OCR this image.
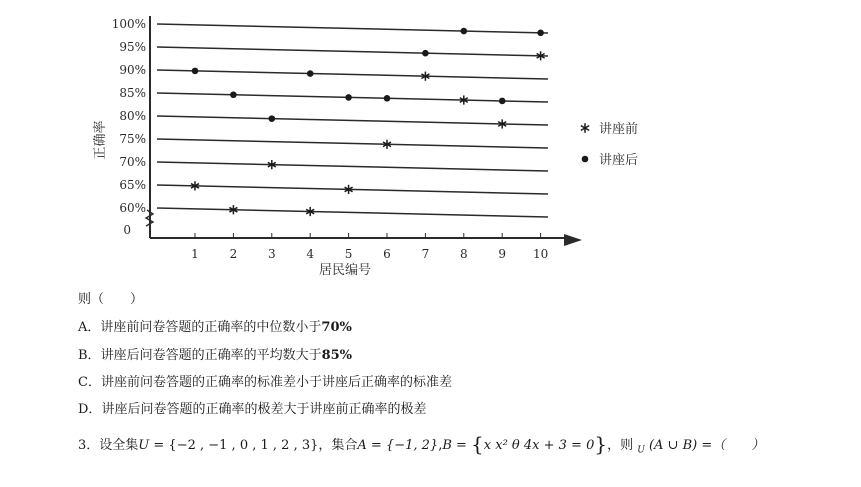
100%
95%
90%
85%
80%
75%
70%
65%
60%
0
1	2	3	4	5	6	7	8	9 10
正确率
居民编号
讲座前
讲座后
则（　　）
A．讲座前问卷答题的正确率的中位数小于70%
B．讲座后问卷答题的正确率的平均数大于85%
C．讲座前问卷答题的正确率的标准差小于讲座后正确率的标准差
D．讲座后问卷答题的正确率的极差大于讲座前正确率的极差
3．设全集U = {−2 , −1 , 0 , 1 , 2 , 3}，集合A = {−1, 2},B = {x x² θ 4x + 3 = 0}，则 $_U$ (A ∪ B) =（　　）
